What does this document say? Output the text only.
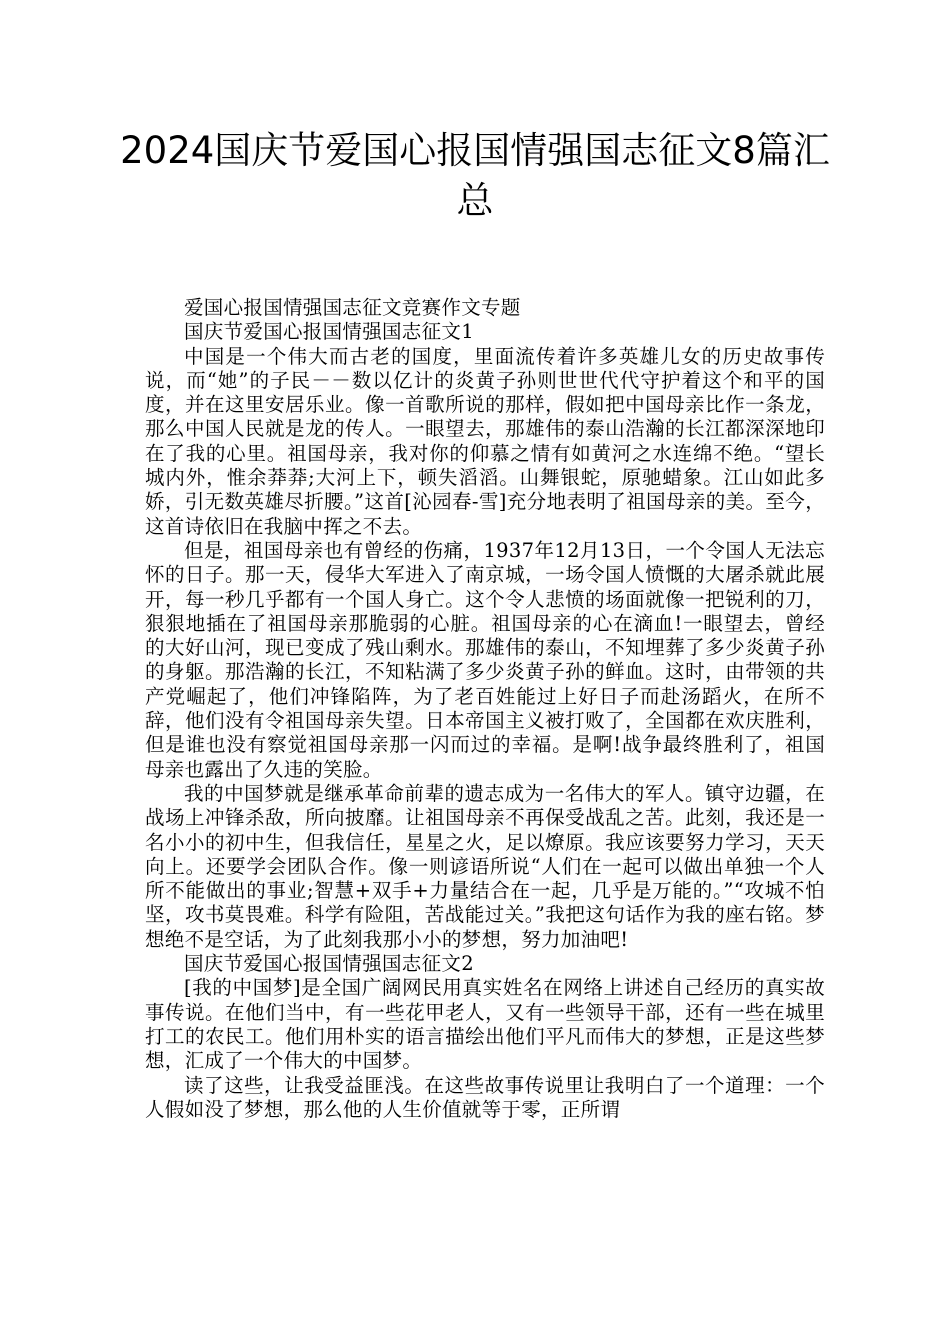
2024国庆节爱国心报国情强国志征文8篇汇总

爱国心报国情强国志征文竞赛作文专题

国庆节爱国心报国情强国志征文1

中国是一个伟大而古老的国度，里面流传着许多英雄儿女的历史故事传说，而“她”的子民－－数以亿计的炎黄子孙则世世代代守护着这个和平的国度，并在这里安居乐业。像一首歌所说的那样，假如把中国母亲比作一条龙，那么中国人民就是龙的传人。一眼望去，那雄伟的泰山浩瀚的长江都深深地印在了我的心里。祖国母亲，我对你的仰慕之情有如黄河之水连绵不绝。“望长城内外，惟余莽莽;大河上下，顿失滔滔。山舞银蛇，原驰蜡象。江山如此多娇，引无数英雄尽折腰。”这首[沁园春-雪]充分地表明了祖国母亲的美。至今，这首诗依旧在我脑中挥之不去。

但是，祖国母亲也有曾经的伤痛，1937年12月13日，一个令国人无法忘怀的日子。那一天，侵华大军进入了南京城，一场令国人愤慨的大屠杀就此展开，每一秒几乎都有一个国人身亡。这个令人悲愤的场面就像一把锐利的刀，狠狠地插在了祖国母亲那脆弱的心脏。祖国母亲的心在滴血!一眼望去，曾经的大好山河，现已变成了残山剩水。那雄伟的泰山，不知埋葬了多少炎黄子孙的身躯。那浩瀚的长江，不知粘满了多少炎黄子孙的鲜血。这时，由带领的共产党崛起了，他们冲锋陷阵，为了老百姓能过上好日子而赴汤蹈火，在所不辞，他们没有令祖国母亲失望。日本帝国主义被打败了，全国都在欢庆胜利，但是谁也没有察觉祖国母亲那一闪而过的幸福。是啊!战争最终胜利了，祖国母亲也露出了久违的笑脸。

我的中国梦就是继承革命前辈的遗志成为一名伟大的军人。镇守边疆，在战场上冲锋杀敌，所向披靡。让祖国母亲不再保受战乱之苦。此刻，我还是一名小小的初中生，但我信任，星星之火，足以燎原。我应该要努力学习，天天向上。还要学会团队合作。像一则谚语所说“人们在一起可以做出单独一个人所不能做出的事业;智慧+双手+力量结合在一起，几乎是万能的。”“攻城不怕坚，攻书莫畏难。科学有险阻，苦战能过关。”我把这句话作为我的座右铭。梦想绝不是空话，为了此刻我那小小的梦想，努力加油吧!

国庆节爱国心报国情强国志征文2

[我的中国梦]是全国广阔网民用真实姓名在网络上讲述自己经历的真实故事传说。在他们当中，有一些花甲老人，又有一些领导干部，还有一些在城里打工的农民工。他们用朴实的语言描绘出他们平凡而伟大的梦想，正是这些梦想，汇成了一个伟大的中国梦。

读了这些，让我受益匪浅。在这些故事传说里让我明白了一个道理：一个人假如没了梦想，那么他的人生价值就等于零，正所谓
